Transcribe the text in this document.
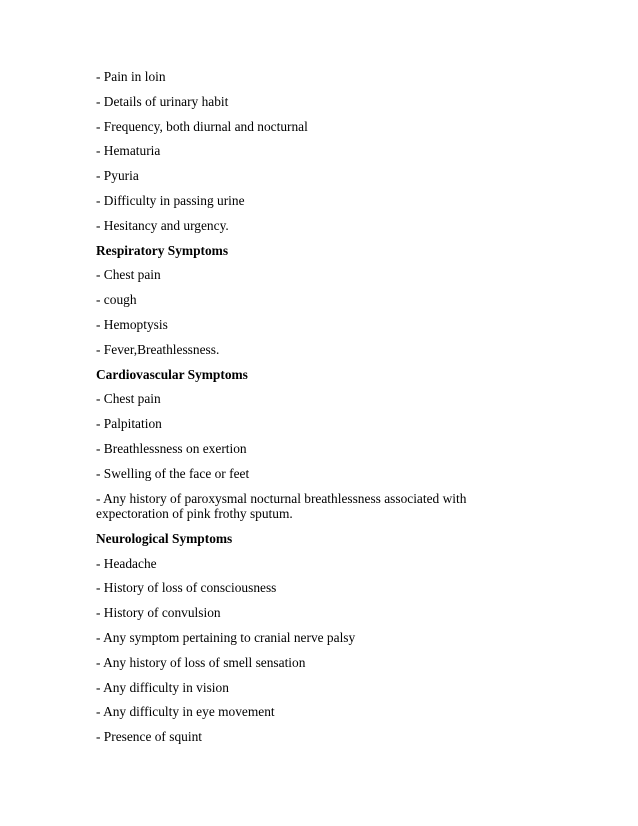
- Pain in loin
- Details of urinary habit
- Frequency, both diurnal and nocturnal
- Hematuria
- Pyuria
- Difficulty in passing urine
- Hesitancy and urgency.
Respiratory Symptoms
- Chest pain
- cough
- Hemoptysis
- Fever,Breathlessness.
Cardiovascular Symptoms
- Chest pain
- Palpitation
- Breathlessness on exertion
- Swelling of the face or feet
- Any history of paroxysmal nocturnal breathlessness associated with expectoration of pink frothy sputum.
Neurological Symptoms
- Headache
- History of loss of consciousness
- History of convulsion
- Any symptom pertaining to cranial nerve palsy
- Any history of loss of smell sensation
- Any difficulty in vision
- Any difficulty in eye movement
- Presence of squint
